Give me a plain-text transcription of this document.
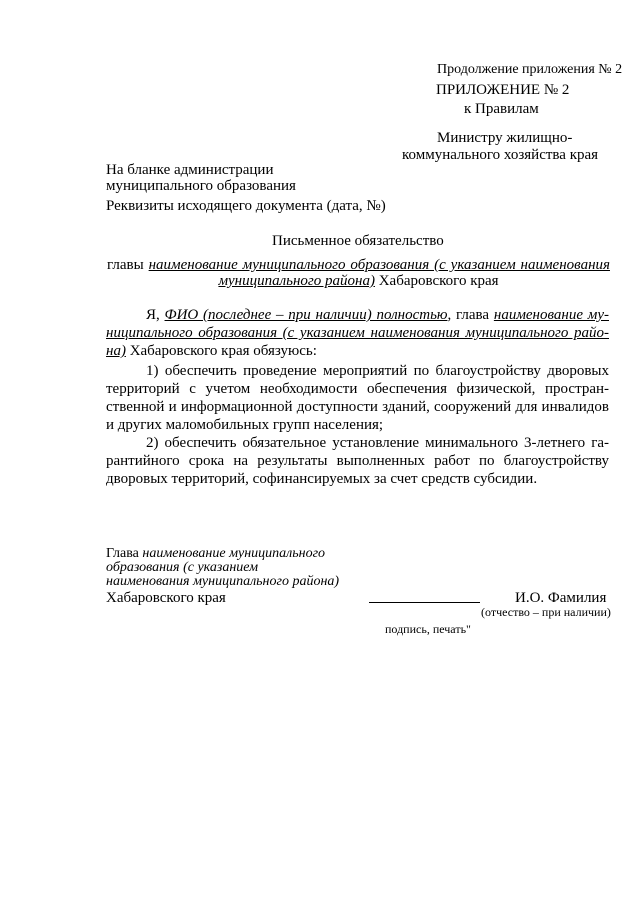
Продолжение приложения № 2
ПРИЛОЖЕНИЕ № 2
к Правилам
Министру жилищно-
коммунального хозяйства края
На бланке администрации
муниципального образования
Реквизиты исходящего документа (дата, №)
Письменное обязательство
главы наименование муниципального образования (с указанием наименования
муниципального района) Хабаровского края
Я, ФИО (последнее – при наличии) полностью, глава наименование му-
ниципального образования (с указанием наименования муниципального райо-
на) Хабаровского края обязуюсь:
1) обеспечить проведение мероприятий по благоустройству дворовых
территорий с учетом необходимости обеспечения физической, простран-
ственной и информационной доступности зданий, сооружений для инвалидов
и других маломобильных групп населения;
2) обеспечить обязательное установление минимального 3-летнего га-
рантийного срока на результаты выполненных работ по благоустройству
дворовых территорий, софинансируемых за счет средств субсидии.
Глава наименование муниципального
образования (с указанием
наименования муниципального района)
Хабаровского края	И.О. Фамилия
(отчество – при наличии)
подпись, печать"
